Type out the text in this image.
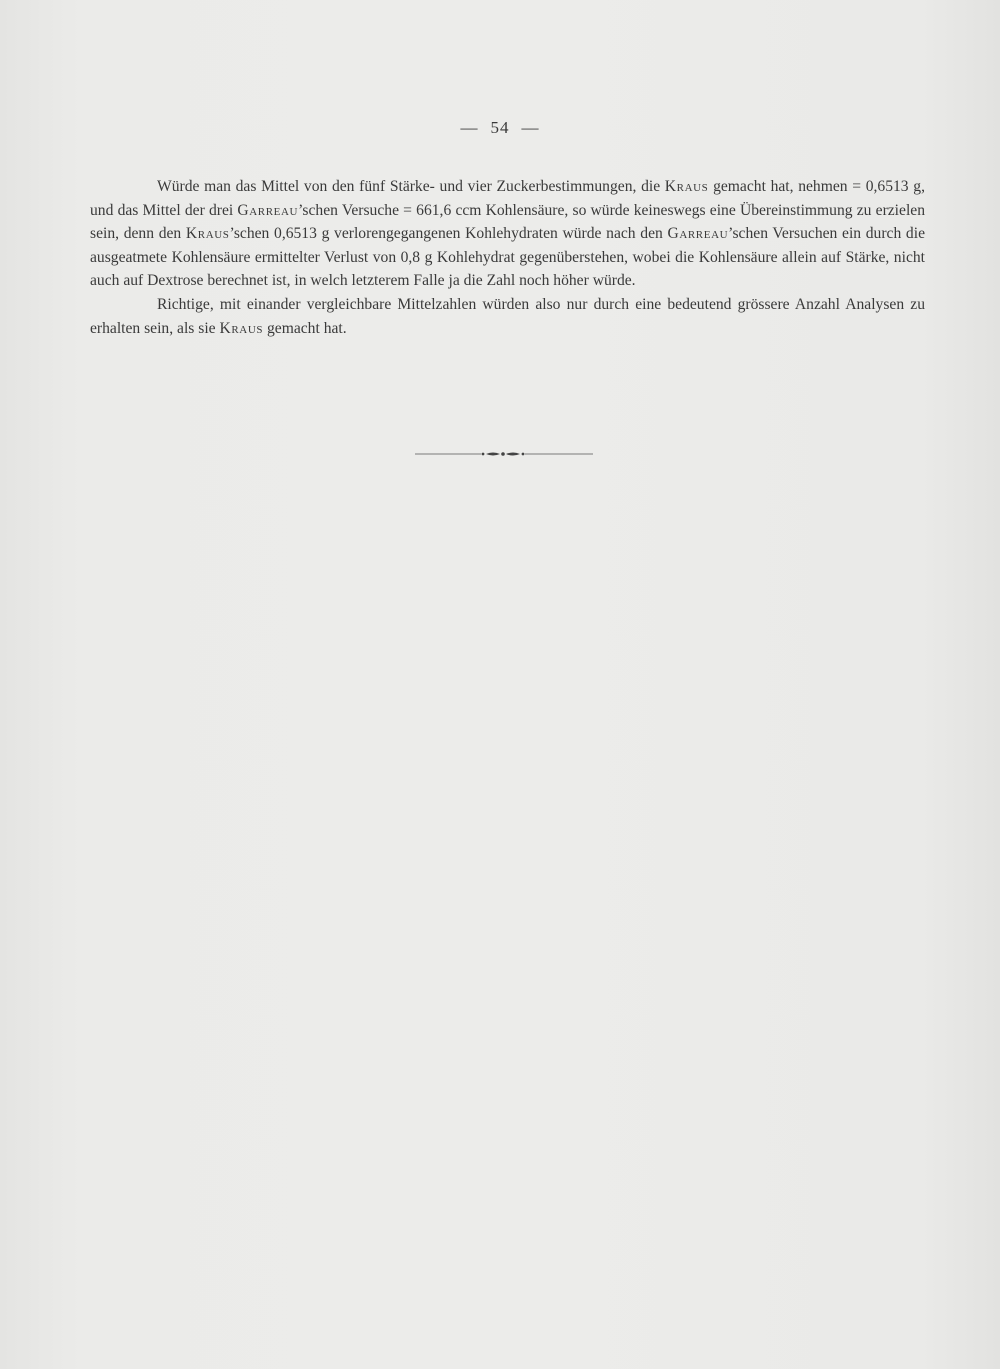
— 54 —

Würde man das Mittel von den fünf Stärke- und vier Zuckerbestimmungen, die Kraus gemacht hat, nehmen = 0,6513 g, und das Mittel der drei Garreau’schen Versuche = 661,6 ccm Kohlensäure, so würde keineswegs eine Übereinstimmung zu erzielen sein, denn den Kraus’schen 0,6513 g verlorengegangenen Kohlehydraten würde nach den Garreau’schen Versuchen ein durch die ausgeatmete Kohlensäure ermittelter Verlust von 0,8 g Kohlehydrat gegenüberstehen, wobei die Kohlensäure allein auf Stärke, nicht auch auf Dextrose berechnet ist, in welch letzterem Falle ja die Zahl noch höher würde.

Richtige, mit einander vergleichbare Mittelzahlen würden also nur durch eine bedeutend grössere Anzahl Analysen zu erhalten sein, als sie Kraus gemacht hat.
